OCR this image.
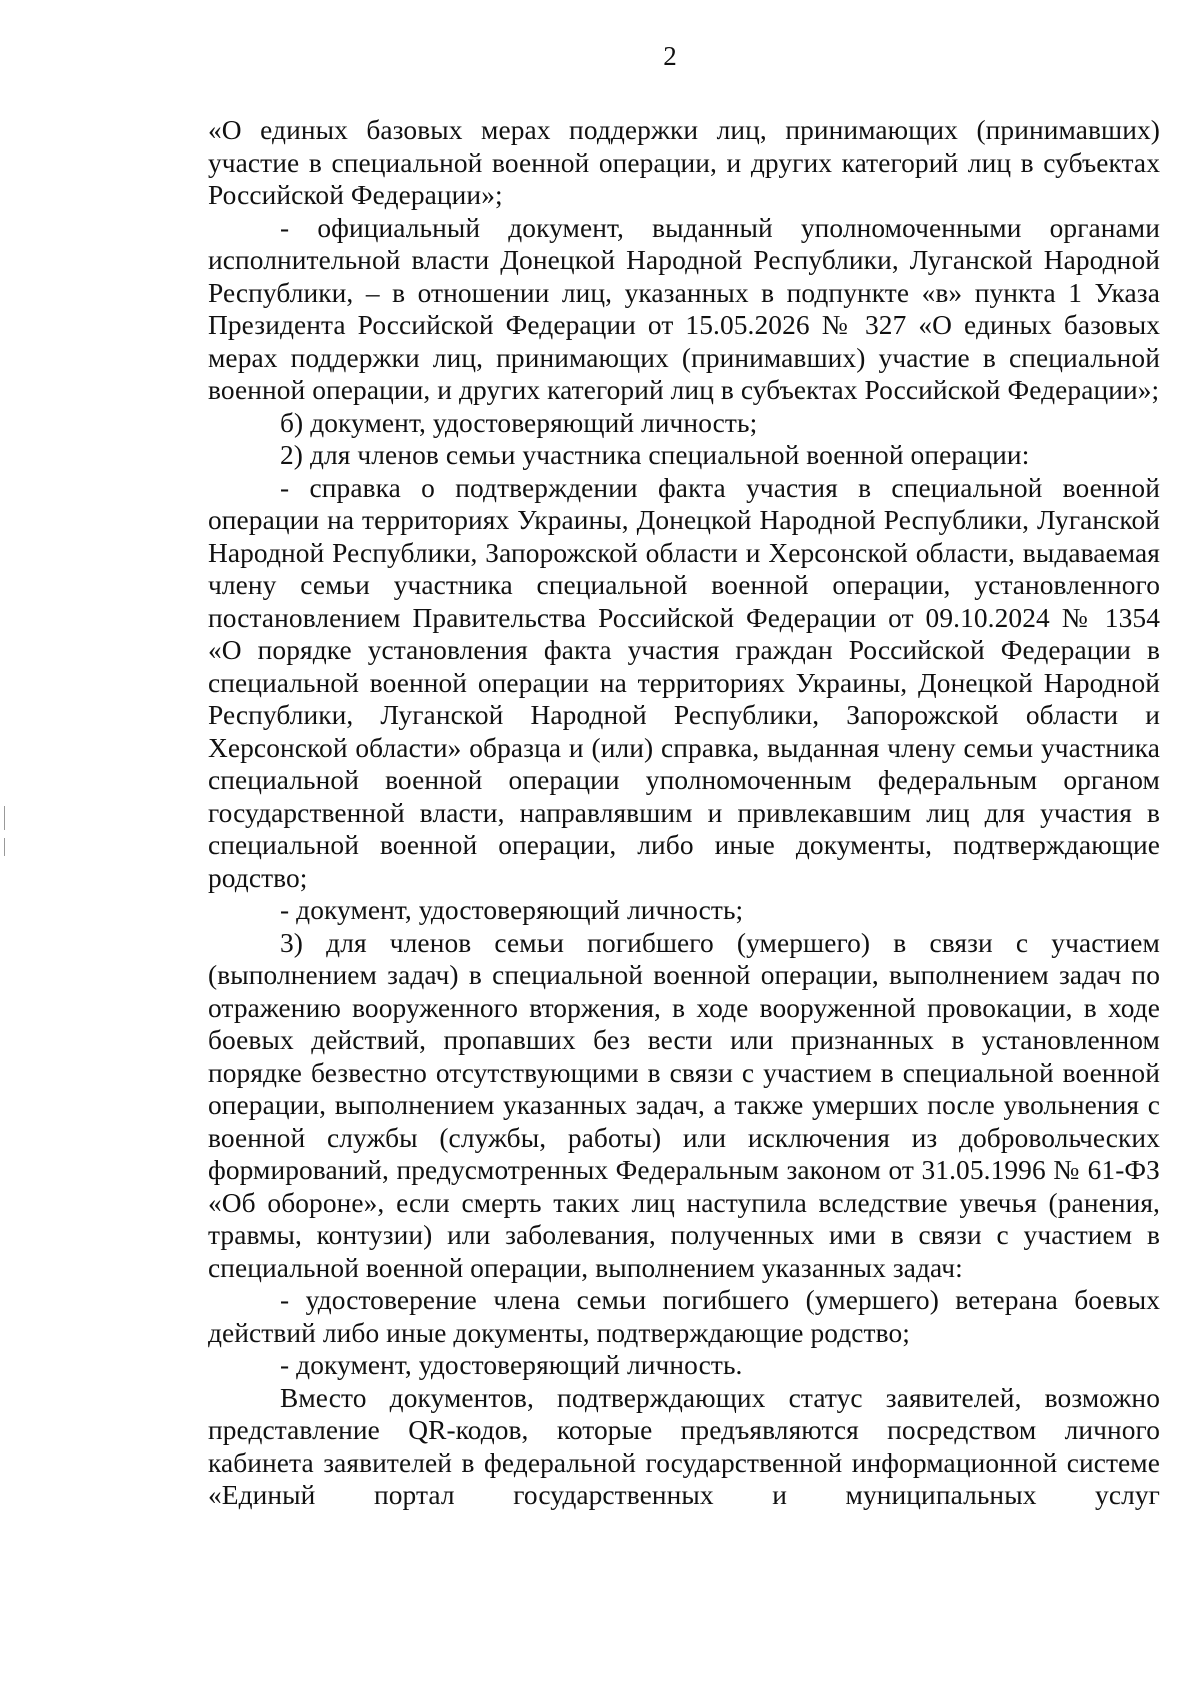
2

«О единых базовых мерах поддержки лиц, принимающих (принимавших) участие в специальной военной операции, и других категорий лиц в субъектах Российской Федерации»;

- официальный документ, выданный уполномоченными органами исполнительной власти Донецкой Народной Республики, Луганской Народной Республики, – в отношении лиц, указанных в подпункте «в» пункта 1 Указа Президента Российской Федерации от 15.05.2026 № 327 «О единых базовых мерах поддержки лиц, принимающих (принимавших) участие в специальной военной операции, и других категорий лиц в субъектах Российской Федерации»;

б) документ, удостоверяющий личность;

2) для членов семьи участника специальной военной операции:

- справка о подтверждении факта участия в специальной военной операции на территориях Украины, Донецкой Народной Республики, Луганской Народной Республики, Запорожской области и Херсонской области, выдаваемая члену семьи участника специальной военной операции, установленного постановлением Правительства Российской Федерации от 09.10.2024 № 1354 «О порядке установления факта участия граждан Российской Федерации в специальной военной операции на территориях Украины, Донецкой Народной Республики, Луганской Народной Республики, Запорожской области и Херсонской области» образца и (или) справка, выданная члену семьи участника специальной военной операции уполномоченным федеральным органом государственной власти, направлявшим и привлекавшим лиц для участия в специальной военной операции, либо иные документы, подтверждающие родство;

- документ, удостоверяющий личность;

3) для членов семьи погибшего (умершего) в связи с участием (выполнением задач) в специальной военной операции, выполнением задач по отражению вооруженного вторжения, в ходе вооруженной провокации, в ходе боевых действий, пропавших без вести или признанных в установленном порядке безвестно отсутствующими в связи с участием в специальной военной операции, выполнением указанных задач, а также умерших после увольнения с военной службы (службы, работы) или исключения из добровольческих формирований, предусмотренных Федеральным законом от 31.05.1996 № 61-ФЗ «Об обороне», если смерть таких лиц наступила вследствие увечья (ранения, травмы, контузии) или заболевания, полученных ими в связи с участием в специальной военной операции, выполнением указанных задач:

- удостоверение члена семьи погибшего (умершего) ветерана боевых действий либо иные документы, подтверждающие родство;

- документ, удостоверяющий личность.

Вместо документов, подтверждающих статус заявителей, возможно представление QR-кодов, которые предъявляются посредством личного кабинета заявителей в федеральной государственной информационной системе «Единый портал государственных и муниципальных услуг
